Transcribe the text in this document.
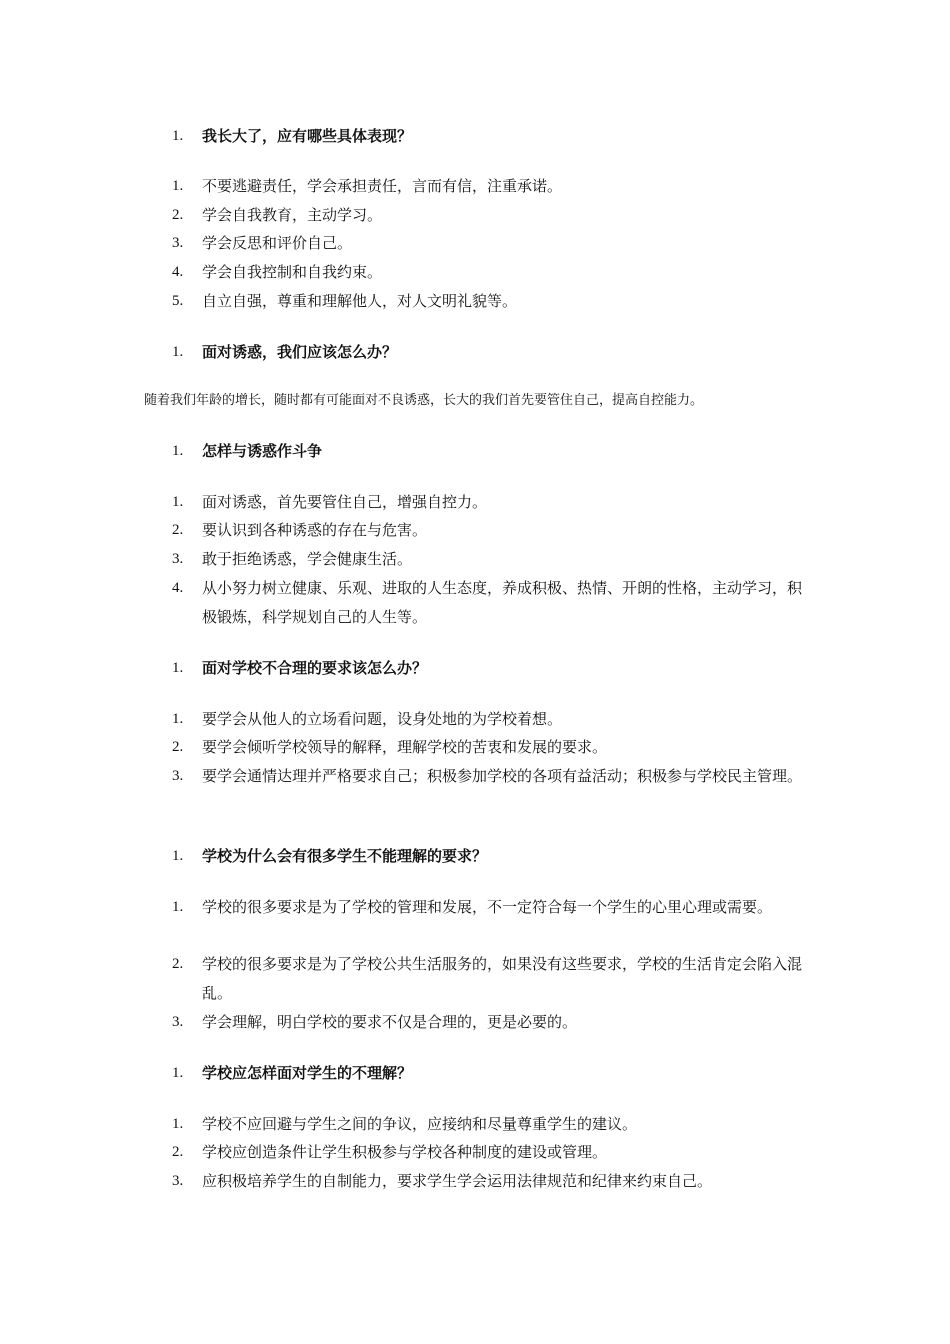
1.	我长大了，应有哪些具体表现？
1.	不要逃避责任，学会承担责任，言而有信，注重承诺。
2.	学会自我教育，主动学习。
3.	学会反思和评价自己。
4.	学会自我控制和自我约束。
5.	自立自强，尊重和理解他人，对人文明礼貌等。
1.	面对诱惑，我们应该怎么办？
随着我们年龄的增长，随时都有可能面对不良诱惑，长大的我们首先要管住自己，提高自控能力。
1.	怎样与诱惑作斗争
1.	面对诱惑，首先要管住自己，增强自控力。
2.	要认识到各种诱惑的存在与危害。
3.	敢于拒绝诱惑，学会健康生活。
4.	从小努力树立健康、乐观、进取的人生态度，养成积极、热情、开朗的性格，主动学习，积极锻炼，科学规划自己的人生等。
1.	面对学校不合理的要求该怎么办？
1.	要学会从他人的立场看问题，设身处地的为学校着想。
2.	要学会倾听学校领导的解释，理解学校的苦衷和发展的要求。
3.	要学会通情达理并严格要求自己；积极参加学校的各项有益活动；积极参与学校民主管理。
1.	学校为什么会有很多学生不能理解的要求？
1.	学校的很多要求是为了学校的管理和发展，不一定符合每一个学生的心里心理或需要。
2.	学校的很多要求是为了学校公共生活服务的，如果没有这些要求，学校的生活肯定会陷入混乱。
3.	学会理解，明白学校的要求不仅是合理的，更是必要的。
1.	学校应怎样面对学生的不理解？
1.	学校不应回避与学生之间的争议，应接纳和尽量尊重学生的建议。
2.	学校应创造条件让学生积极参与学校各种制度的建设或管理。
3.	应积极培养学生的自制能力，要求学生学会运用法律规范和纪律来约束自己。
